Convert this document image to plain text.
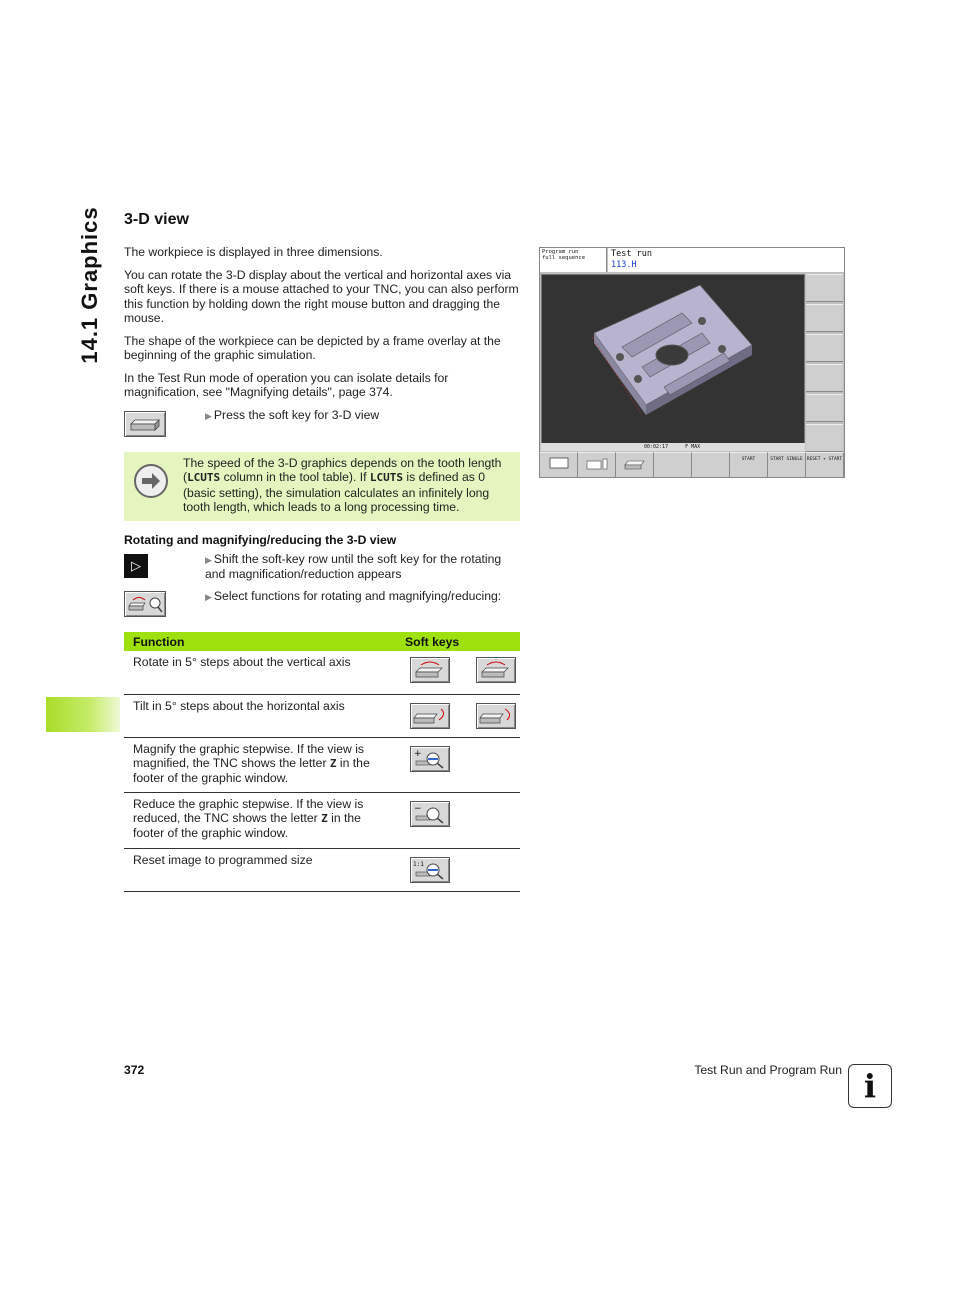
14.1 Graphics 3-D view

The workpiece is displayed in three dimensions.

You can rotate the 3-D display about the vertical and horizontal axes via soft keys. If there is a mouse attached to your TNC, you can also perform this function by holding down the right mouse button and dragging the mouse.

The shape of the workpiece can be depicted by a frame overlay at the beginning of the graphic simulation.

In the Test Run mode of operation you can isolate details for magnification, see "Magnifying details", page 374.

▶ Press the soft key for 3-D view

The speed of the 3-D graphics depends on the tooth length (LCUTS column in the tool table). If LCUTS is defined as 0 (basic setting), the simulation calculates an infinitely long tooth length, which leads to a long processing time.

Rotating and magnifying/reducing the 3-D view
▷	▶ Shift the soft-key row until the soft key for the rotating and magnification/reduction appears
▶ Select functions for rotating and magnifying/reducing:
Function	Soft keys
Rotate in 5° steps about the vertical axis	

Tilt in 5° steps about the horizontal axis	

Magnify the graphic stepwise. If the view is magnified, the TNC shows the letter Z in the footer of the graphic window.	+

Reduce the graphic stepwise. If the view is reduced, the TNC shows the letter Z in the footer of the graphic window.	−

Reset image to programmed size	1:1
Program run
full sequence	Test run
113.H
00:02:17	F MAX
START	START SINGLE RESET + START
372	Test Run and Program Run i
